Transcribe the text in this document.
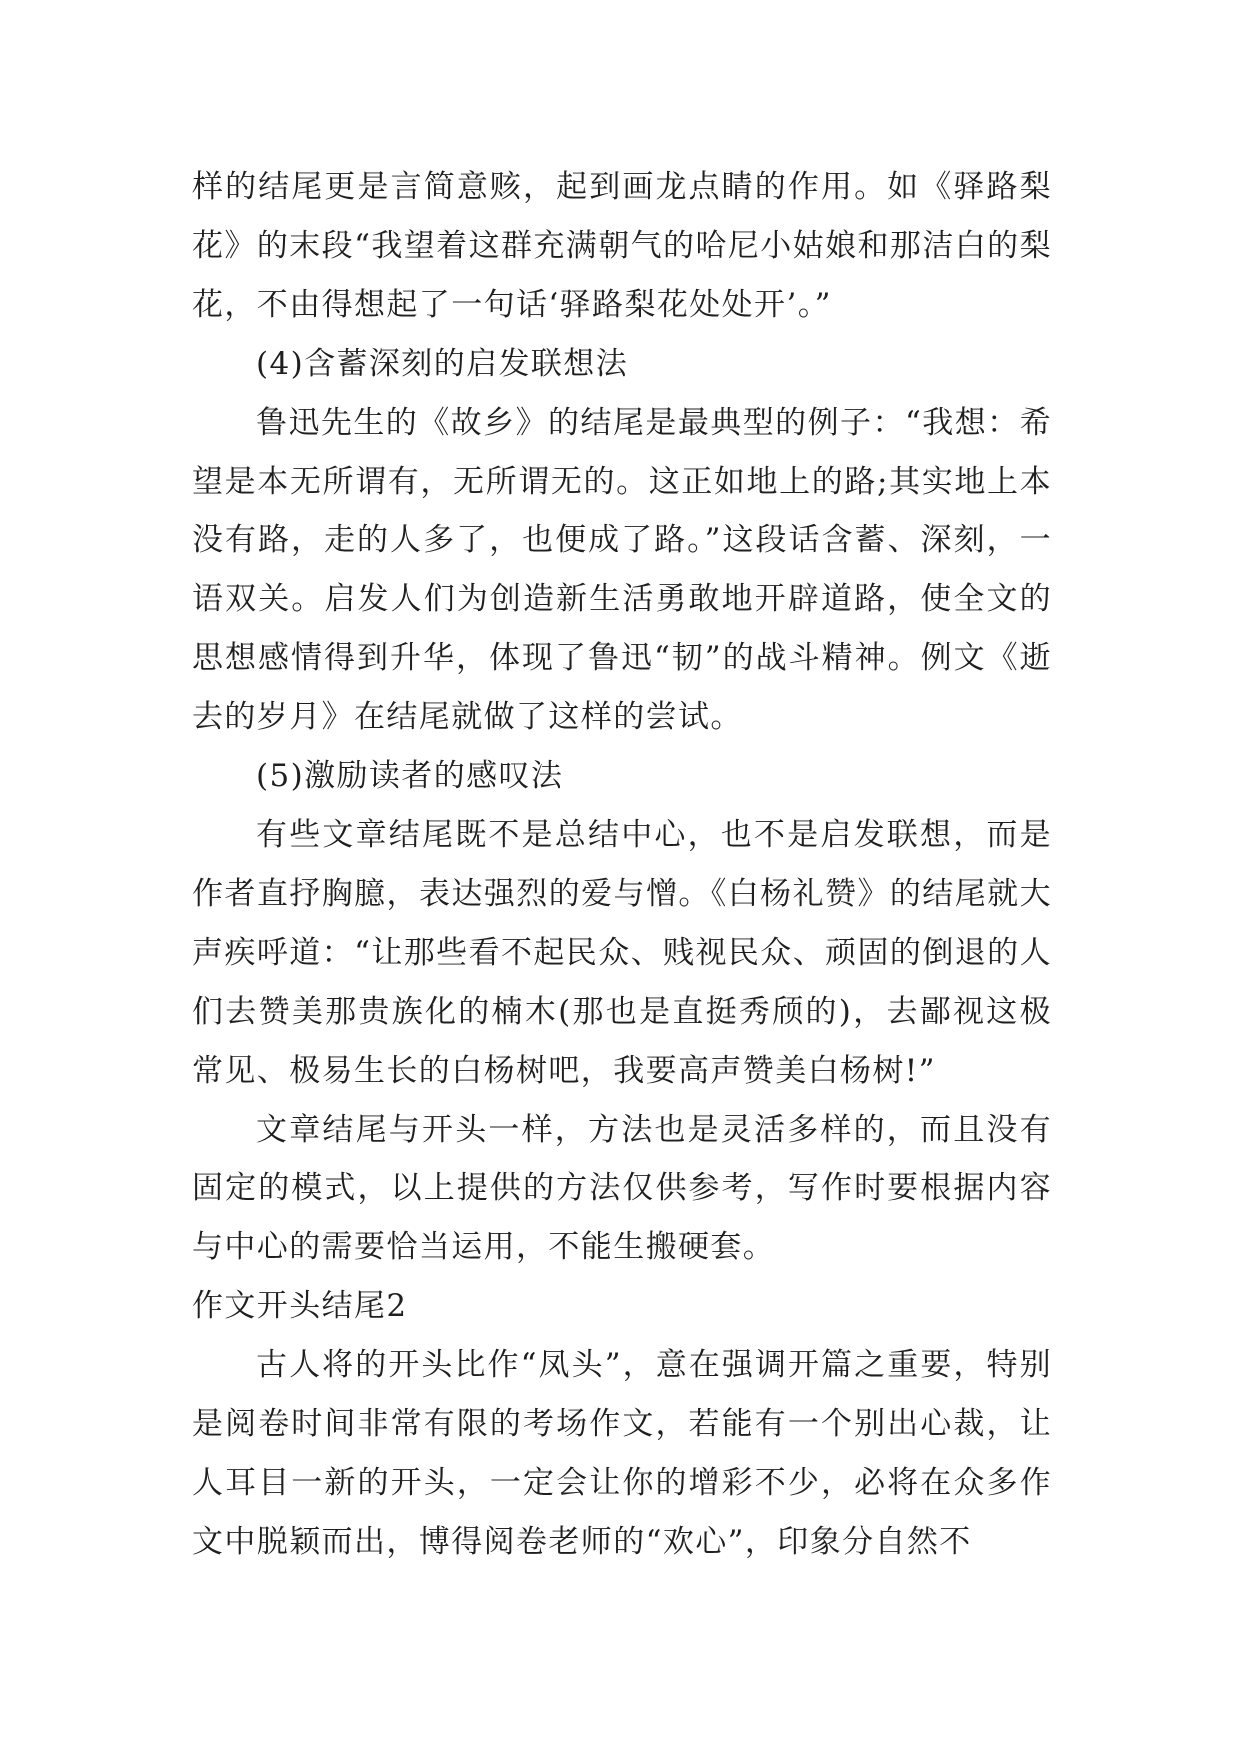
样的结尾更是言简意赅，起到画龙点睛的作用。如《驿路梨花》的末段“我望着这群充满朝气的哈尼小姑娘和那洁白的梨花，不由得想起了一句话‘驿路梨花处处开’。”

(4)含蓄深刻的启发联想法

鲁迅先生的《故乡》的结尾是最典型的例子：“我想：希望是本无所谓有，无所谓无的。这正如地上的路;其实地上本没有路，走的人多了，也便成了路。”这段话含蓄、深刻，一语双关。启发人们为创造新生活勇敢地开辟道路，使全文的思想感情得到升华，体现了鲁迅“韧”的战斗精神。例文《逝去的岁月》在结尾就做了这样的尝试。

(5)激励读者的感叹法

有些文章结尾既不是总结中心，也不是启发联想，而是作者直抒胸臆，表达强烈的爱与憎。《白杨礼赞》的结尾就大声疾呼道：“让那些看不起民众、贱视民众、顽固的倒退的人们去赞美那贵族化的楠木(那也是直挺秀颀的)，去鄙视这极常见、极易生长的白杨树吧，我要高声赞美白杨树!”

文章结尾与开头一样，方法也是灵活多样的，而且没有固定的模式，以上提供的方法仅供参考，写作时要根据内容与中心的需要恰当运用，不能生搬硬套。

作文开头结尾2

古人将的开头比作“凤头”，意在强调开篇之重要，特别是阅卷时间非常有限的考场作文，若能有一个别出心裁，让人耳目一新的开头，一定会让你的增彩不少，必将在众多作文中脱颖而出，博得阅卷老师的“欢心”，印象分自然不
